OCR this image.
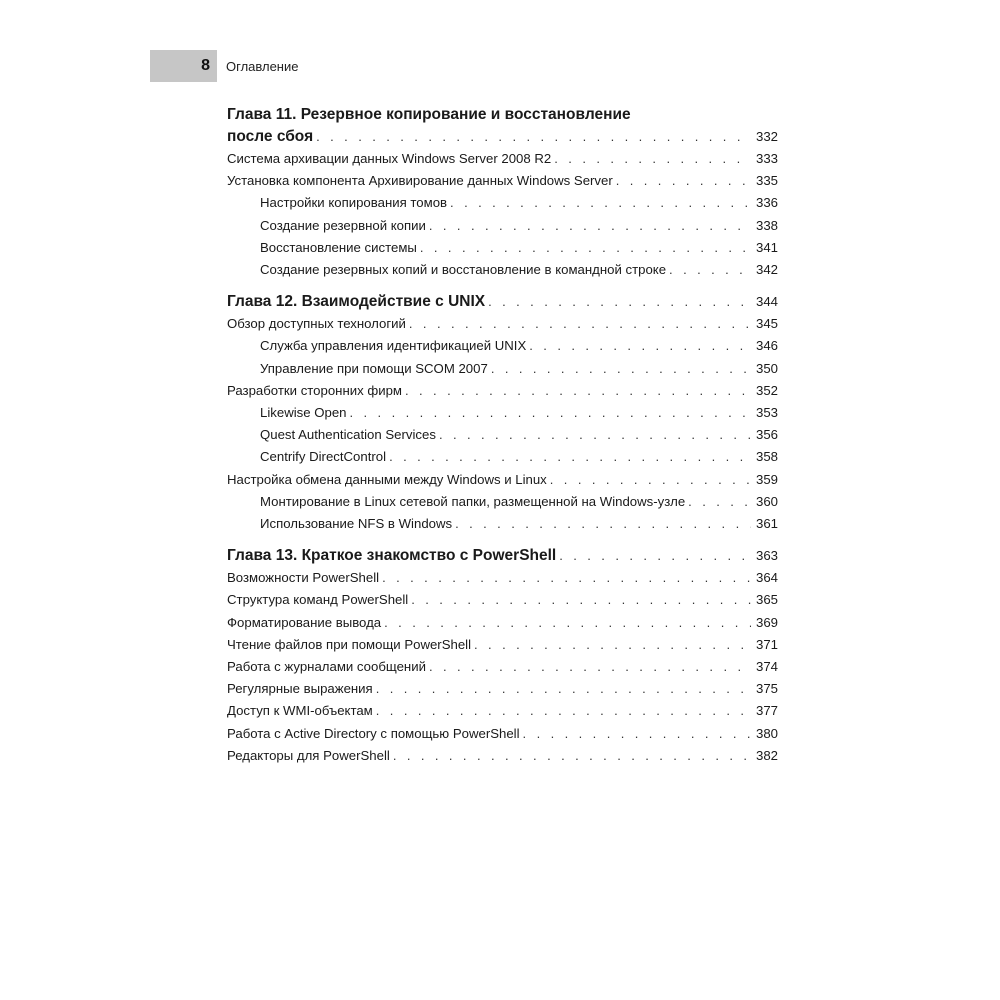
8	Оглавление
Глава 11. Резервное копирование и восстановление
после сбоя . . .	332
Система архивации данных Windows Server 2008 R2 . . .	333
Установка компонента Архивирование данных Windows Server . . .	335
Настройки копирования томов . . .	336
Создание резервной копии . . .	338
Восстановление системы . . .	341
Создание резервных копий и восстановление в командной строке . . .	342
Глава 12. Взаимодействие с UNIX . . .	344
Обзор доступных технологий . . .	345
Служба управления идентификацией UNIX . . .	346
Управление при помощи SCOM 2007 . . .	350
Разработки сторонних фирм . . .	352
Likewise Open . . .	353
Quest Authentication Services . . .	356
Centrify DirectControl . . .	358
Настройка обмена данными между Windows и Linux . . .	359
Монтирование в Linux сетевой папки, размещенной на Windows-узле . . .	360
Использование NFS в Windows . . .	361
Глава 13. Краткое знакомство с PowerShell . . .	363
Возможности PowerShell . . .	364
Структура команд PowerShell . . .	365
Форматирование вывода . . .	369
Чтение файлов при помощи PowerShell . . .	371
Работа с журналами сообщений . . .	374
Регулярные выражения . . .	375
Доступ к WMI-объектам . . .	377
Работа с Active Directory с помощью PowerShell . . .	380
Редакторы для PowerShell . . .	382
